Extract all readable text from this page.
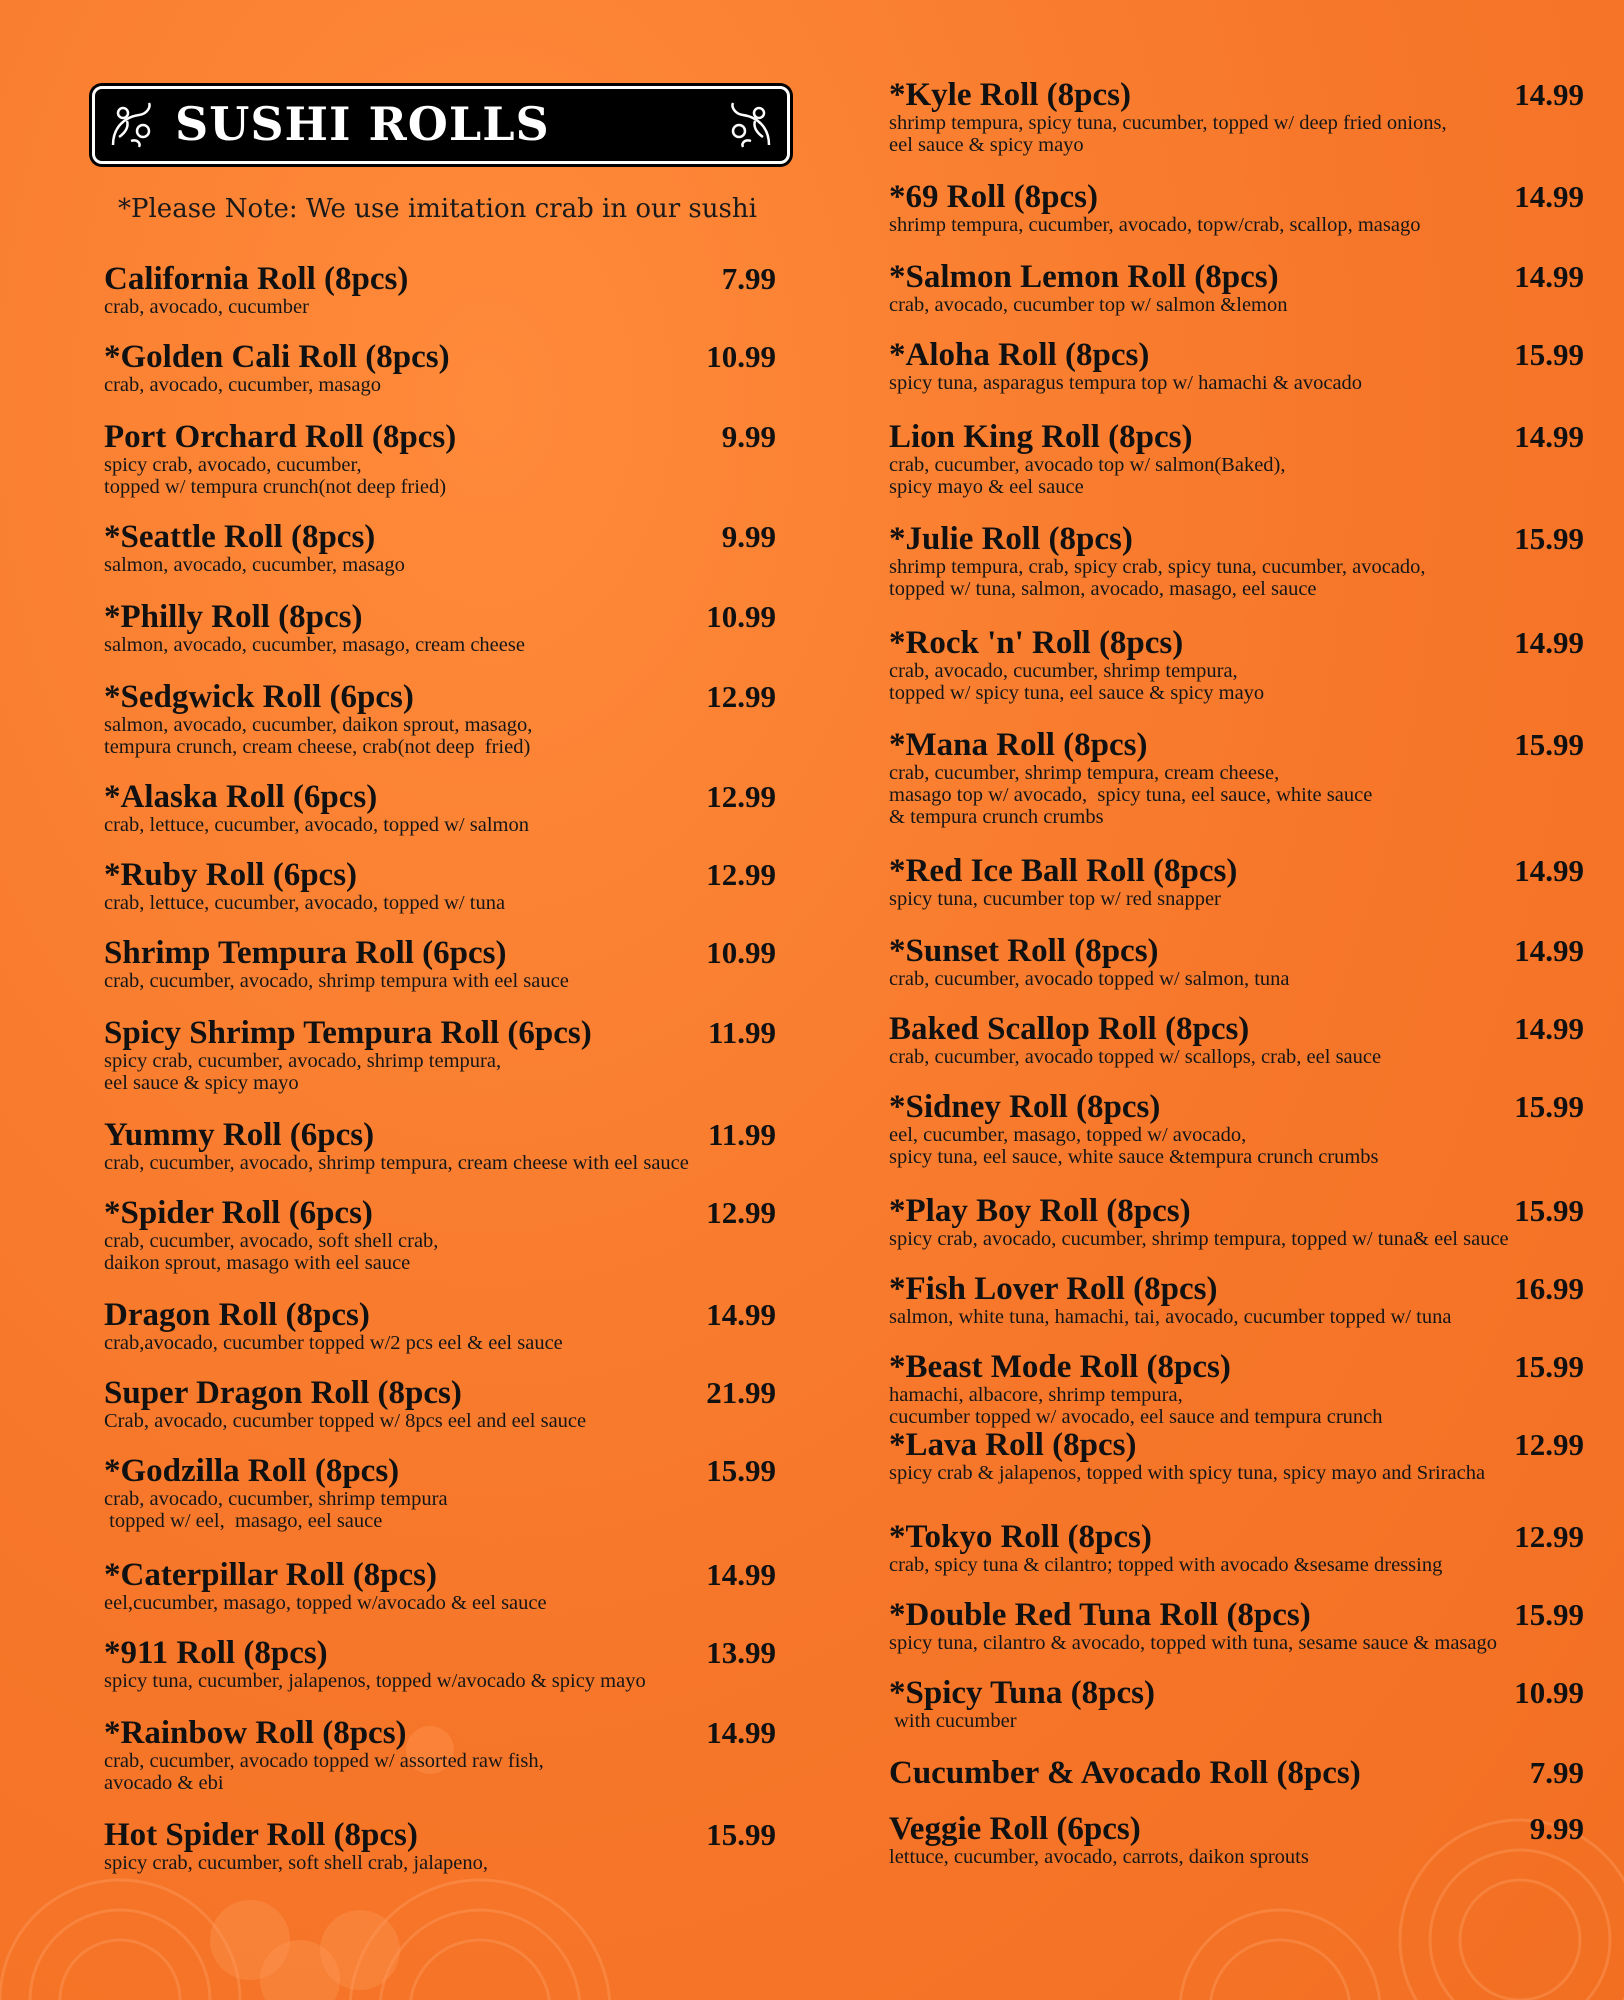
SUSHI ROLLS
*Please Note: We use imitation crab in our sushi
California Roll (8pcs)	7.99
crab, avocado, cucumber
*Golden Cali Roll (8pcs)	10.99
crab, avocado, cucumber, masago
Port Orchard Roll (8pcs)	9.99
spicy crab, avocado, cucumber,
topped w/ tempura crunch(not deep fried)
*Seattle Roll (8pcs)	9.99
salmon, avocado, cucumber, masago
*Philly Roll (8pcs)	10.99
salmon, avocado, cucumber, masago, cream cheese
*Sedgwick Roll (6pcs)	12.99
salmon, avocado, cucumber, daikon sprout, masago,
tempura crunch, cream cheese, crab(not deep  fried)
*Alaska Roll (6pcs)	12.99
crab, lettuce, cucumber, avocado, topped w/ salmon
*Ruby Roll (6pcs)	12.99
crab, lettuce, cucumber, avocado, topped w/ tuna
Shrimp Tempura Roll (6pcs)	10.99
crab, cucumber, avocado, shrimp tempura with eel sauce
Spicy Shrimp Tempura Roll (6pcs)	11.99
spicy crab, cucumber, avocado, shrimp tempura,
eel sauce & spicy mayo
Yummy Roll (6pcs)	11.99
crab, cucumber, avocado, shrimp tempura, cream cheese with eel sauce
*Spider Roll (6pcs)	12.99
crab, cucumber, avocado, soft shell crab,
daikon sprout, masago with eel sauce
Dragon Roll (8pcs)	14.99
crab,avocado, cucumber topped w/2 pcs eel & eel sauce
Super Dragon Roll (8pcs)	21.99
Crab, avocado, cucumber topped w/ 8pcs eel and eel sauce
*Godzilla Roll (8pcs)	15.99
crab, avocado, cucumber, shrimp tempura
topped w/ eel,  masago, eel sauce
*Caterpillar Roll (8pcs)	14.99
eel,cucumber, masago, topped w/avocado & eel sauce
*911 Roll (8pcs)	13.99
spicy tuna, cucumber, jalapenos, topped w/avocado & spicy mayo
*Rainbow Roll (8pcs)	14.99
crab, cucumber, avocado topped w/ assorted raw fish,
avocado & ebi
Hot Spider Roll (8pcs)	15.99
spicy crab, cucumber, soft shell crab, jalapeno,
*Kyle Roll (8pcs)	14.99
shrimp tempura, spicy tuna, cucumber, topped w/ deep fried onions,
eel sauce & spicy mayo
*69 Roll (8pcs)	14.99
shrimp tempura, cucumber, avocado, topw/crab, scallop, masago
*Salmon Lemon Roll (8pcs)	14.99
crab, avocado, cucumber top w/ salmon &lemon
*Aloha Roll (8pcs)	15.99
spicy tuna, asparagus tempura top w/ hamachi & avocado
Lion King Roll (8pcs)	14.99
crab, cucumber, avocado top w/ salmon(Baked),
spicy mayo & eel sauce
*Julie Roll (8pcs)	15.99
shrimp tempura, crab, spicy crab, spicy tuna, cucumber, avocado,
topped w/ tuna, salmon, avocado, masago, eel sauce
*Rock 'n' Roll (8pcs)	14.99
crab, avocado, cucumber, shrimp tempura,
topped w/ spicy tuna, eel sauce & spicy mayo
*Mana Roll (8pcs)	15.99
crab, cucumber, shrimp tempura, cream cheese,
masago top w/ avocado,  spicy tuna, eel sauce, white sauce
& tempura crunch crumbs
*Red Ice Ball Roll (8pcs)	14.99
spicy tuna, cucumber top w/ red snapper
*Sunset Roll (8pcs)	14.99
crab, cucumber, avocado topped w/ salmon, tuna
Baked Scallop Roll (8pcs)	14.99
crab, cucumber, avocado topped w/ scallops, crab, eel sauce
*Sidney Roll (8pcs)	15.99
eel, cucumber, masago, topped w/ avocado,
spicy tuna, eel sauce, white sauce &tempura crunch crumbs
*Play Boy Roll (8pcs)	15.99
spicy crab, avocado, cucumber, shrimp tempura, topped w/ tuna& eel sauce
*Fish Lover Roll (8pcs)	16.99
salmon, white tuna, hamachi, tai, avocado, cucumber topped w/ tuna
*Beast Mode Roll (8pcs)	15.99
hamachi, albacore, shrimp tempura,
cucumber topped w/ avocado, eel sauce and tempura crunch
*Lava Roll (8pcs)	12.99
spicy crab & jalapenos, topped with spicy tuna, spicy mayo and Sriracha
*Tokyo Roll (8pcs)	12.99
crab, spicy tuna & cilantro; topped with avocado &sesame dressing
*Double Red Tuna Roll (8pcs)	15.99
spicy tuna, cilantro & avocado, topped with tuna, sesame sauce & masago
*Spicy Tuna (8pcs)	10.99
with cucumber
Cucumber & Avocado Roll (8pcs)	7.99
Veggie Roll (6pcs)	9.99
lettuce, cucumber, avocado, carrots, daikon sprouts
